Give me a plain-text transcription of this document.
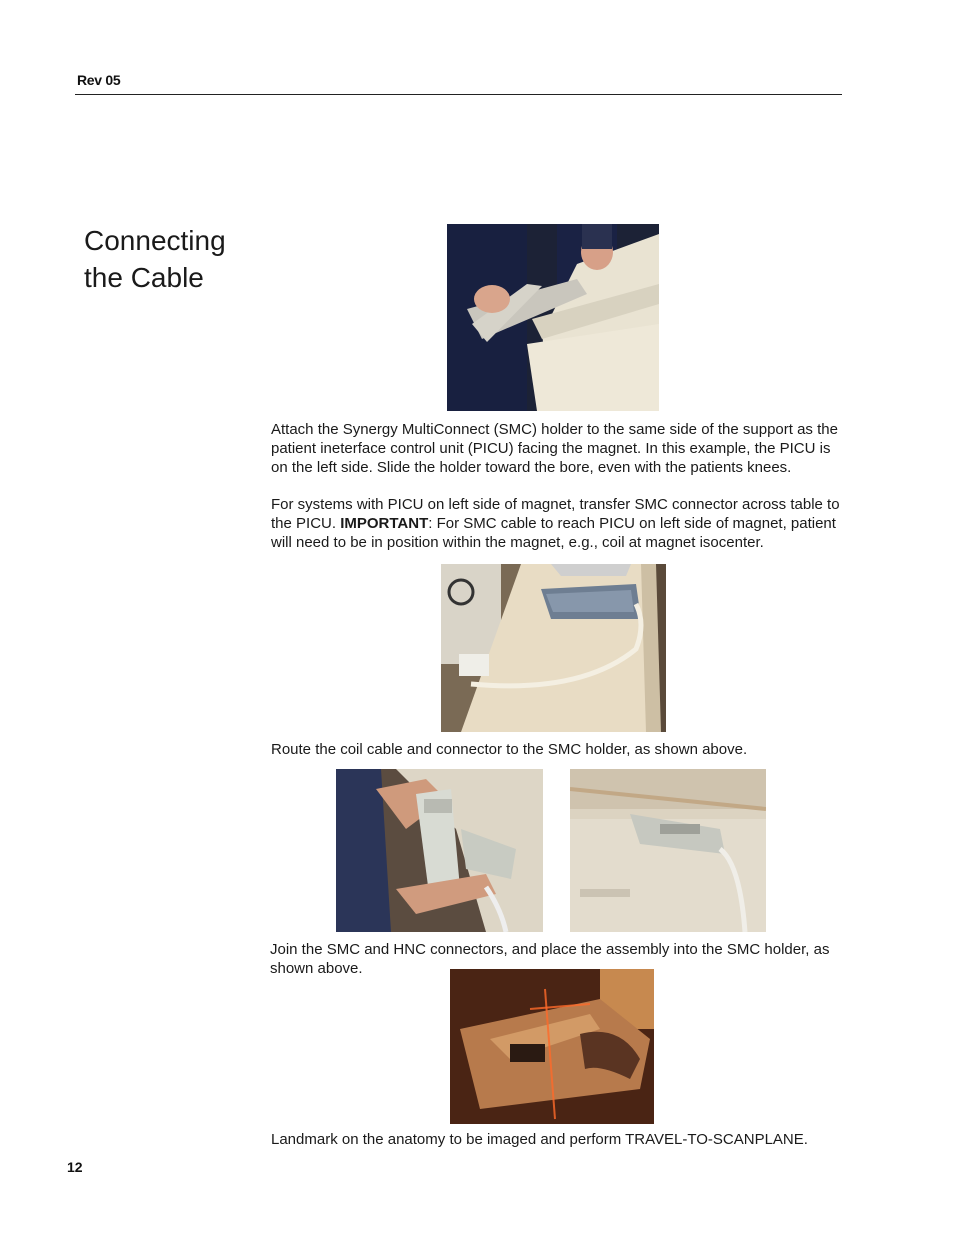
Rev 05
Connecting
the Cable
Attach the Synergy MultiConnect (SMC) holder to the same side of the support as the patient ineterface control unit (PICU) facing the magnet. In this example, the PICU is on the left side. Slide the holder toward the bore, even with the patients knees.
For systems with PICU on left side of magnet, transfer SMC connector across table to the PICU. IMPORTANT: For SMC cable to reach PICU on left side of magnet, patient will need to be in position within the magnet, e.g., coil at magnet isocenter.
Route the coil cable and connector to the SMC holder, as shown above.
Join the SMC and HNC connectors, and place the assembly into the SMC holder, as shown above.
Landmark on the anatomy to be imaged and perform TRAVEL-TO-SCANPLANE.
12
